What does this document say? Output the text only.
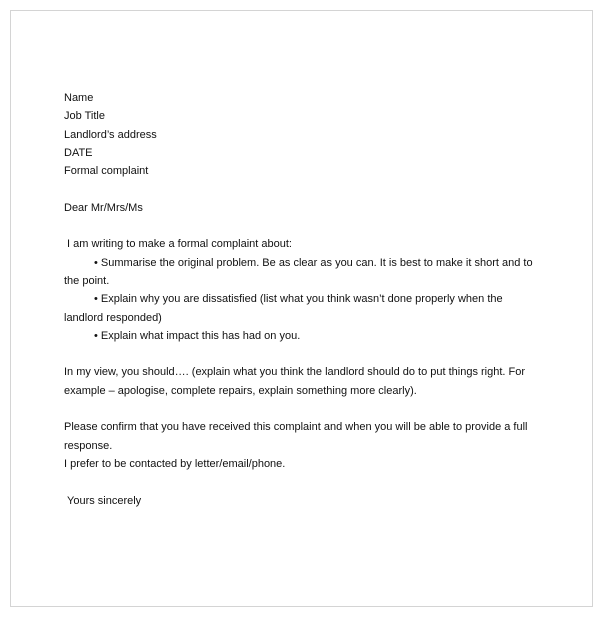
Name
Job Title
Landlord’s address
DATE
Formal complaint
Dear Mr/Mrs/Ms
I am writing to make a formal complaint about:
• Summarise the original problem. Be as clear as you can. It is best to make it short and to the point.
• Explain why you are dissatisfied (list what you think wasn’t done properly when the landlord responded)
• Explain what impact this has had on you.
In my view, you should…. (explain what you think the landlord should do to put things right. For example – apologise, complete repairs, explain something more clearly).
Please confirm that you have received this complaint and when you will be able to provide a full response.
I prefer to be contacted by letter/email/phone.
Yours sincerely
